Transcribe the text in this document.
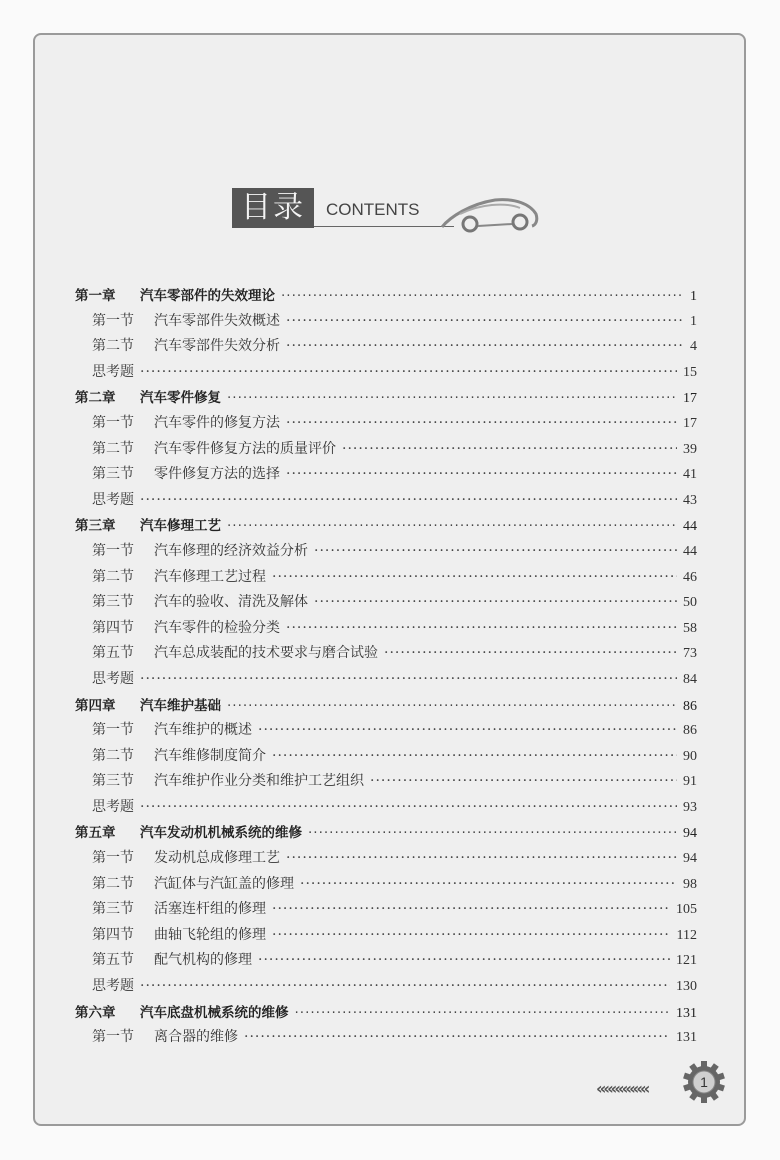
目录	CONTENTS
第一章	汽车零部件的失效理论 ·····	1
第一节	汽车零部件失效概述 ·····	1
第二节	汽车零部件失效分析 ·····	4
思考题 ·····	15
第二章	汽车零件修复 ·····	17
第一节	汽车零件的修复方法 ·····	17
第二节	汽车零件修复方法的质量评价 ·····	39
第三节	零件修复方法的选择 ·····	41
思考题 ·····	43
第三章	汽车修理工艺 ·····	44
第一节	汽车修理的经济效益分析 ·····	44
第二节	汽车修理工艺过程 ·····	46
第三节	汽车的验收、清洗及解体 ·····	50
第四节	汽车零件的检验分类 ·····	58
第五节	汽车总成装配的技术要求与磨合试验 ·····	73
思考题 ·····	84
第四章	汽车维护基础 ·····	86
第一节	汽车维护的概述 ·····	86
第二节	汽车维修制度简介 ·····	90
第三节	汽车维护作业分类和维护工艺组织 ·····	91
思考题 ·····	93
第五章	汽车发动机机械系统的维修 ·····	94
第一节	发动机总成修理工艺 ·····	94
第二节	汽缸体与汽缸盖的修理 ·····	98
第三节	活塞连杆组的修理 ·····	105
第四节	曲轴飞轮组的修理 ·····	112
第五节	配气机构的修理 ·····	121
思考题 ·····	130
第六章	汽车底盘机械系统的维修 ·····	131
第一节	离合器的维修 ·····	131
«««««««	1
